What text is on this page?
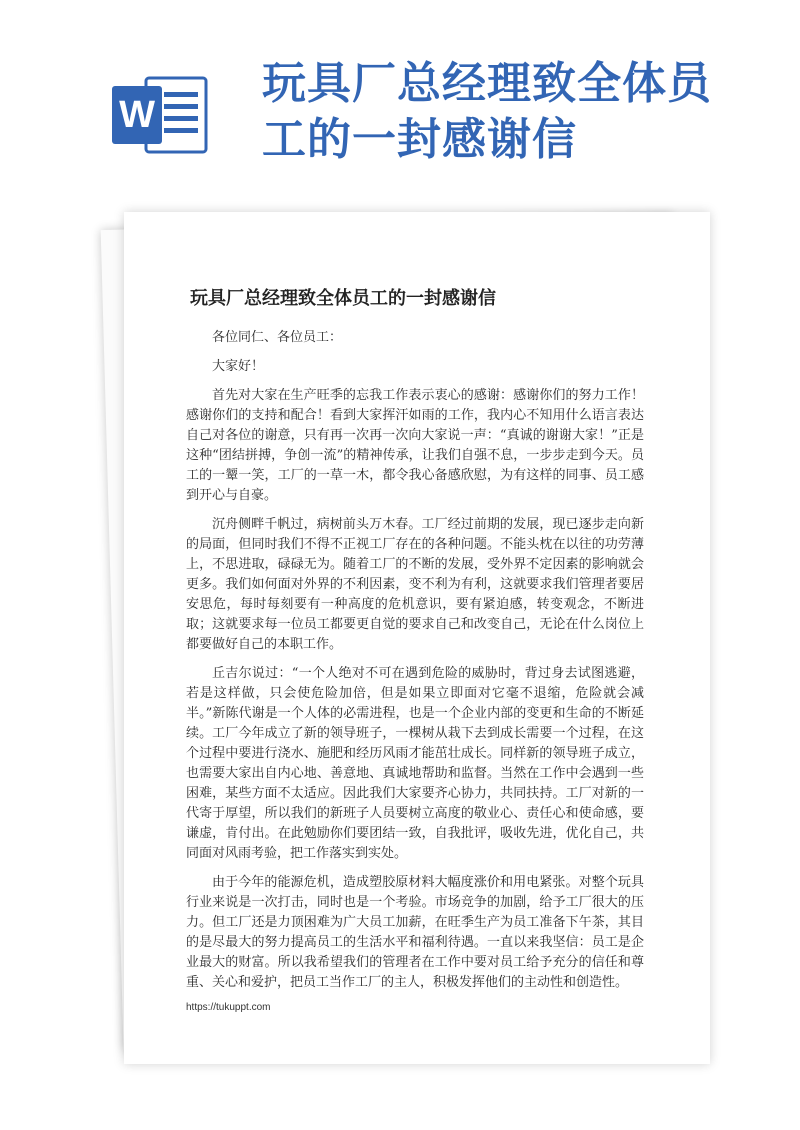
W
玩具厂总经理致全体员工的一封感谢信
玩具厂总经理致全体员工的一封感谢信

各位同仁、各位员工：

大家好！

首先对大家在生产旺季的忘我工作表示衷心的感谢：感谢你们的努力工作！感谢你们的支持和配合！看到大家挥汗如雨的工作，我内心不知用什么语言表达自己对各位的谢意，只有再一次再一次向大家说一声：“真诚的谢谢大家！”正是这种“团结拼搏，争创一流”的精神传承，让我们自强不息，一步步走到今天。员工的一颦一笑，工厂的一草一木，都令我心备感欣慰，为有这样的同事、员工感到开心与自豪。

沉舟侧畔千帆过，病树前头万木春。工厂经过前期的发展，现已逐步走向新的局面，但同时我们不得不正视工厂存在的各种问题。不能头枕在以往的功劳薄上，不思进取，碌碌无为。随着工厂的不断的发展，受外界不定因素的影响就会更多。我们如何面对外界的不利因素，变不利为有利，这就要求我们管理者要居安思危，每时每刻要有一种高度的危机意识，要有紧迫感，转变观念，不断进取；这就要求每一位员工都要更自觉的要求自己和改变自己，无论在什么岗位上都要做好自己的本职工作。

丘吉尔说过：“一个人绝对不可在遇到危险的威胁时，背过身去试图逃避，若是这样做，只会使危险加倍，但是如果立即面对它毫不退缩，危险就会减半。”新陈代谢是一个人体的必需进程，也是一个企业内部的变更和生命的不断延续。工厂今年成立了新的领导班子，一棵树从栽下去到成长需要一个过程，在这个过程中要进行浇水、施肥和经历风雨才能茁壮成长。同样新的领导班子成立，也需要大家出自内心地、善意地、真诚地帮助和监督。当然在工作中会遇到一些困难，某些方面不太适应。因此我们大家要齐心协力，共同扶持。工厂对新的一代寄于厚望，所以我们的新班子人员要树立高度的敬业心、责任心和使命感，要谦虚，肯付出。在此勉励你们要团结一致，自我批评，吸收先进，优化自己，共同面对风雨考验，把工作落实到实处。

由于今年的能源危机，造成塑胶原材料大幅度涨价和用电紧张。对整个玩具行业来说是一次打击，同时也是一个考验。市场竞争的加剧，给予工厂很大的压力。但工厂还是力顶困难为广大员工加薪，在旺季生产为员工准备下午茶，其目的是尽最大的努力提高员工的生活水平和福利待遇。一直以来我坚信：员工是企业最大的财富。所以我希望我们的管理者在工作中要对员工给予充分的信任和尊重、关心和爱护，把员工当作工厂的主人，积极发挥他们的主动性和创造性。

https://tukuppt.com
